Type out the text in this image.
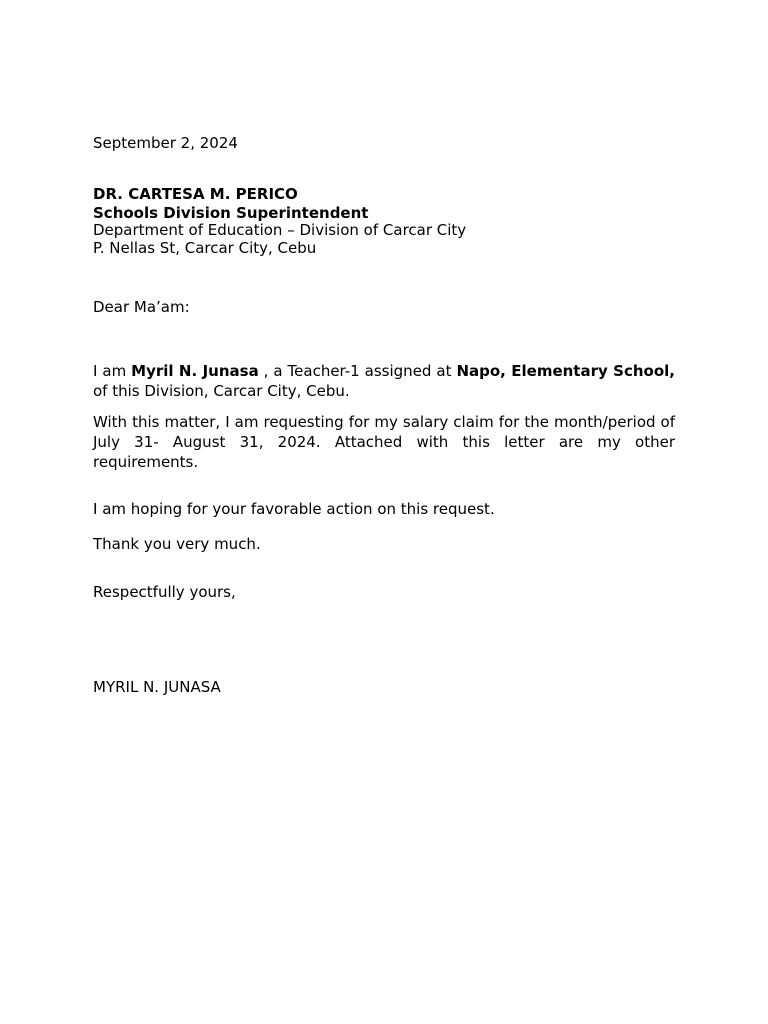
September 2, 2024
DR. CARTESA M. PERICO
Schools Division Superintendent
Department of Education – Division of Carcar City
P. Nellas St, Carcar City, Cebu
Dear Ma’am:
I am Myril N. Junasa , a Teacher-1 assigned at Napo, Elementary School, of this Division, Carcar City, Cebu.
With this matter, I am requesting for my salary claim for the month/period of July 31- August 31, 2024. Attached with this letter are my other requirements.
I am hoping for your favorable action on this request.
Thank you very much.
Respectfully yours,
MYRIL N. JUNASA
